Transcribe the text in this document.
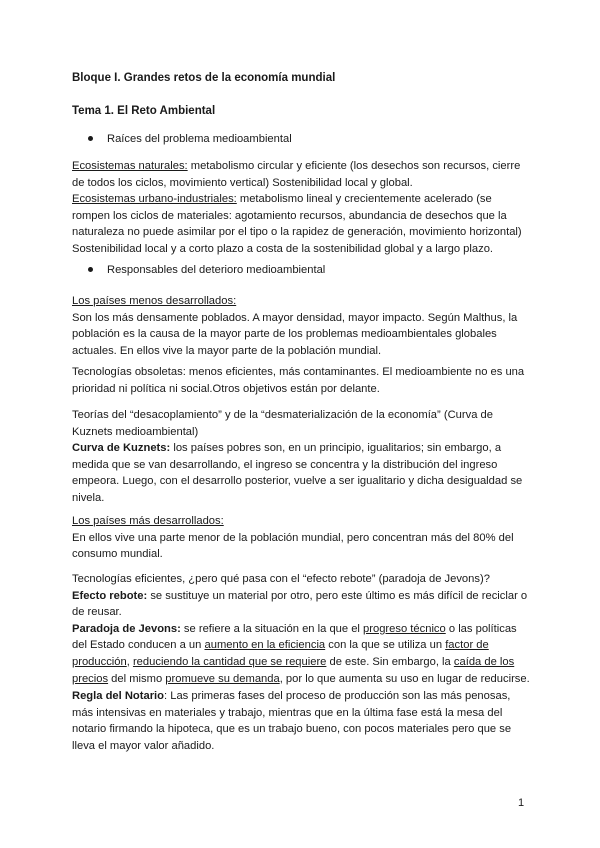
Bloque I. Grandes retos de la economía mundial

Tema 1. El Reto Ambiental

Raíces del problema medioambiental

Ecosistemas naturales: metabolismo circular y eficiente (los desechos son recursos, cierre de todos los ciclos, movimiento vertical) Sostenibilidad local y global.
Ecosistemas urbano-industriales: metabolismo lineal y crecientemente acelerado (se rompen los ciclos de materiales: agotamiento recursos, abundancia de desechos que la naturaleza no puede asimilar por el tipo o la rapidez de generación, movimiento horizontal) Sostenibilidad local y a corto plazo a costa de la sostenibilidad global y a largo plazo.

Responsables del deterioro medioambiental

Los países menos desarrollados:
Son los más densamente poblados. A mayor densidad, mayor impacto. Según Malthus, la población es la causa de la mayor parte de los problemas medioambientales globales actuales. En ellos vive la mayor parte de la población mundial.

Tecnologías obsoletas: menos eficientes, más contaminantes. El medioambiente no es una prioridad ni política ni social.Otros objetivos están por delante.

Teorías del “desacoplamiento” y de la “desmaterialización de la economía” (Curva de Kuznets medioambiental)
Curva de Kuznets: los países pobres son, en un principio, igualitarios; sin embargo, a medida que se van desarrollando, el ingreso se concentra y la distribución del ingreso empeora. Luego, con el desarrollo posterior, vuelve a ser igualitario y dicha desigualdad se nivela.

Los países más desarrollados:
En ellos vive una parte menor de la población mundial, pero concentran más del 80% del consumo mundial.

Tecnologías eficientes, ¿pero qué pasa con el “efecto rebote” (paradoja de Jevons)?
Efecto rebote: se sustituye un material por otro, pero este último es más difícil de reciclar o de reusar.
Paradoja de Jevons: se refiere a la situación en la que el progreso técnico o las políticas del Estado conducen a un aumento en la eficiencia con la que se utiliza un factor de producción, reduciendo la cantidad que se requiere de este. Sin embargo, la caída de los precios del mismo promueve su demanda, por lo que aumenta su uso en lugar de reducirse.

Regla del Notario: Las primeras fases del proceso de producción son las más penosas, más intensivas en materiales y trabajo, mientras que en la última fase está la mesa del notario firmando la hipoteca, que es un trabajo bueno, con pocos materiales pero que se lleva el mayor valor añadido.

1
